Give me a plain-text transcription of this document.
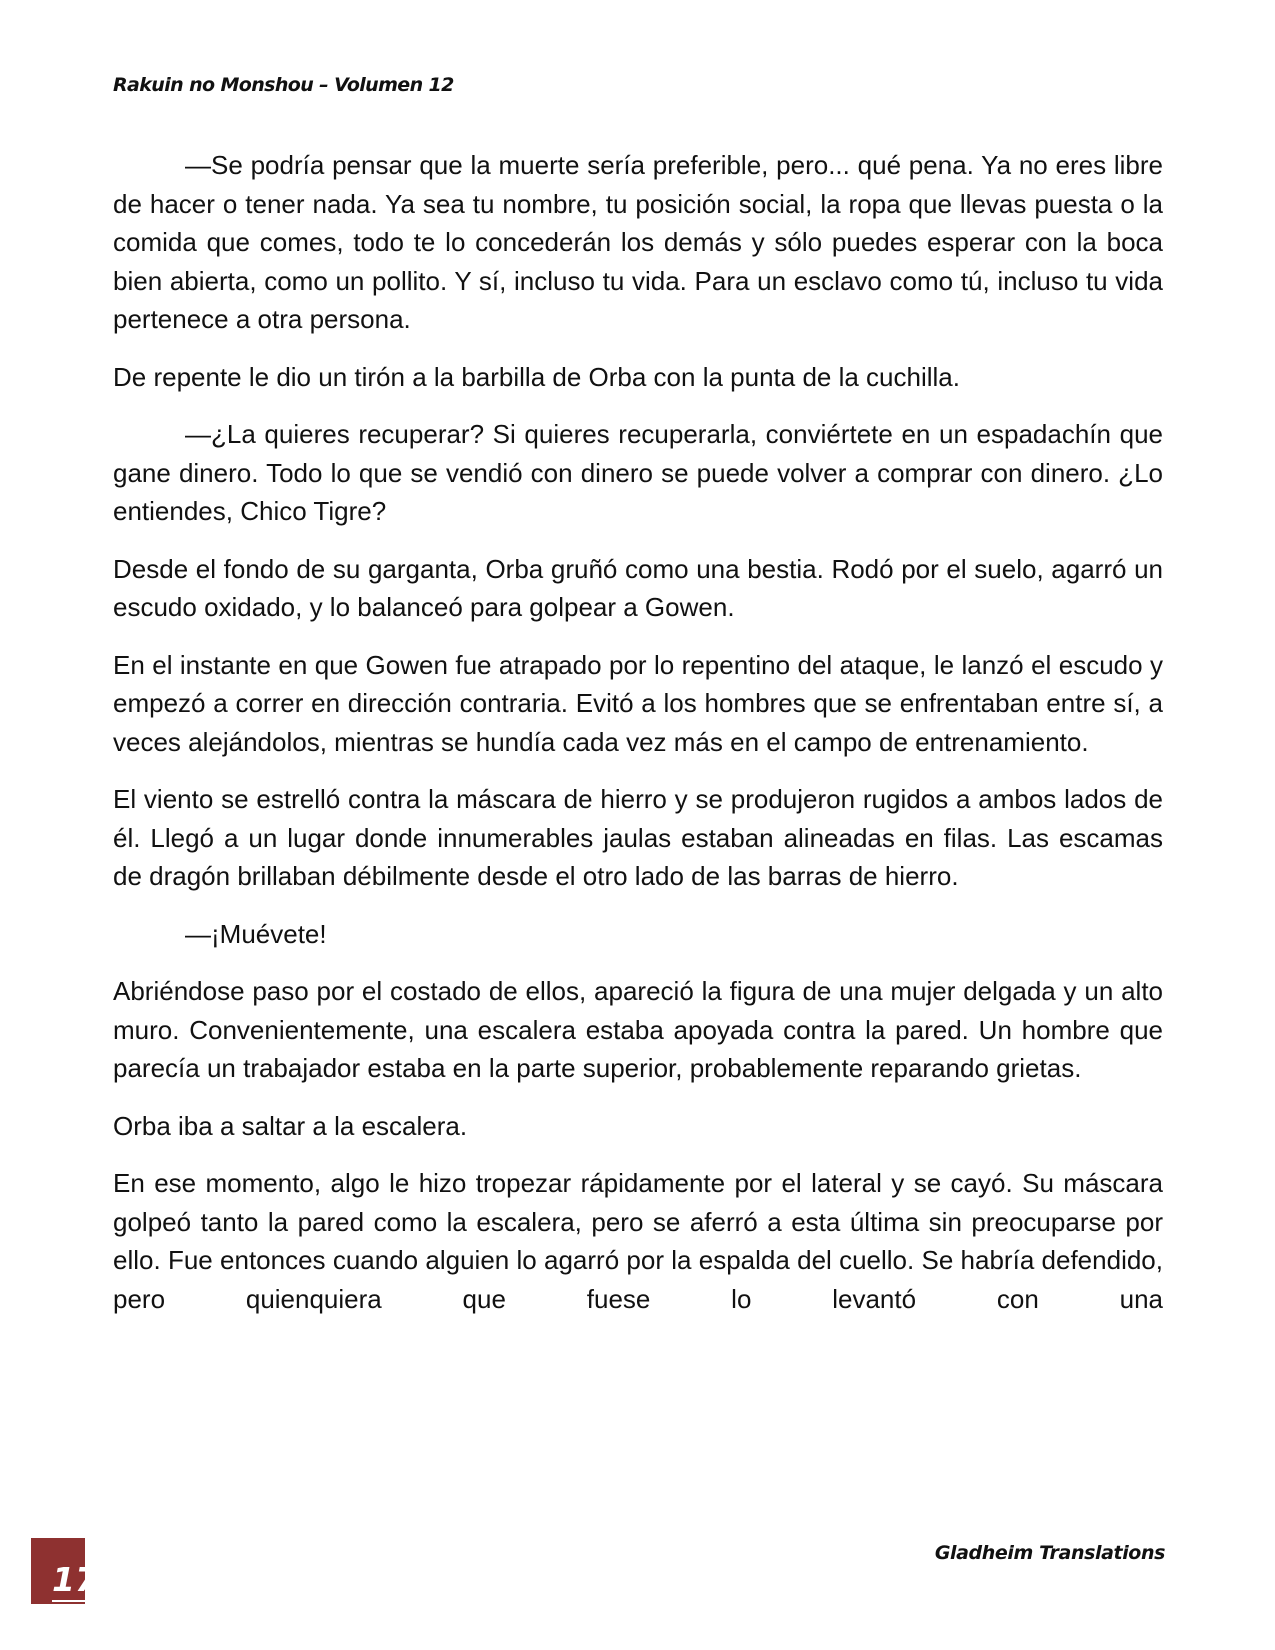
Rakuin no Monshou – Volumen 12

—Se podría pensar que la muerte sería preferible, pero... qué pena. Ya no eres libre de hacer o tener nada. Ya sea tu nombre, tu posición social, la ropa que llevas puesta o la comida que comes, todo te lo concederán los demás y sólo puedes esperar con la boca bien abierta, como un pollito. Y sí, incluso tu vida. Para un esclavo como tú, incluso tu vida pertenece a otra persona.

De repente le dio un tirón a la barbilla de Orba con la punta de la cuchilla.

—¿La quieres recuperar? Si quieres recuperarla, conviértete en un espadachín que gane dinero. Todo lo que se vendió con dinero se puede volver a comprar con dinero. ¿Lo entiendes, Chico Tigre?

Desde el fondo de su garganta, Orba gruñó como una bestia. Rodó por el suelo, agarró un escudo oxidado, y lo balanceó para golpear a Gowen.

En el instante en que Gowen fue atrapado por lo repentino del ataque, le lanzó el escudo y empezó a correr en dirección contraria. Evitó a los hombres que se enfrentaban entre sí, a veces alejándolos, mientras se hundía cada vez más en el campo de entrenamiento.

El viento se estrelló contra la máscara de hierro y se produjeron rugidos a ambos lados de él. Llegó a un lugar donde innumerables jaulas estaban alineadas en filas. Las escamas de dragón brillaban débilmente desde el otro lado de las barras de hierro.

—¡Muévete!

Abriéndose paso por el costado de ellos, apareció la figura de una mujer delgada y un alto muro. Convenientemente, una escalera estaba apoyada contra la pared. Un hombre que parecía un trabajador estaba en la parte superior, probablemente reparando grietas.

Orba iba a saltar a la escalera.

En ese momento, algo le hizo tropezar rápidamente por el lateral y se cayó. Su máscara golpeó tanto la pared como la escalera, pero se aferró a esta última sin preocuparse por ello. Fue entonces cuando alguien lo agarró por la espalda del cuello. Se habría defendido, pero quienquiera que fuese lo levantó con una

17
Gladheim Translations
